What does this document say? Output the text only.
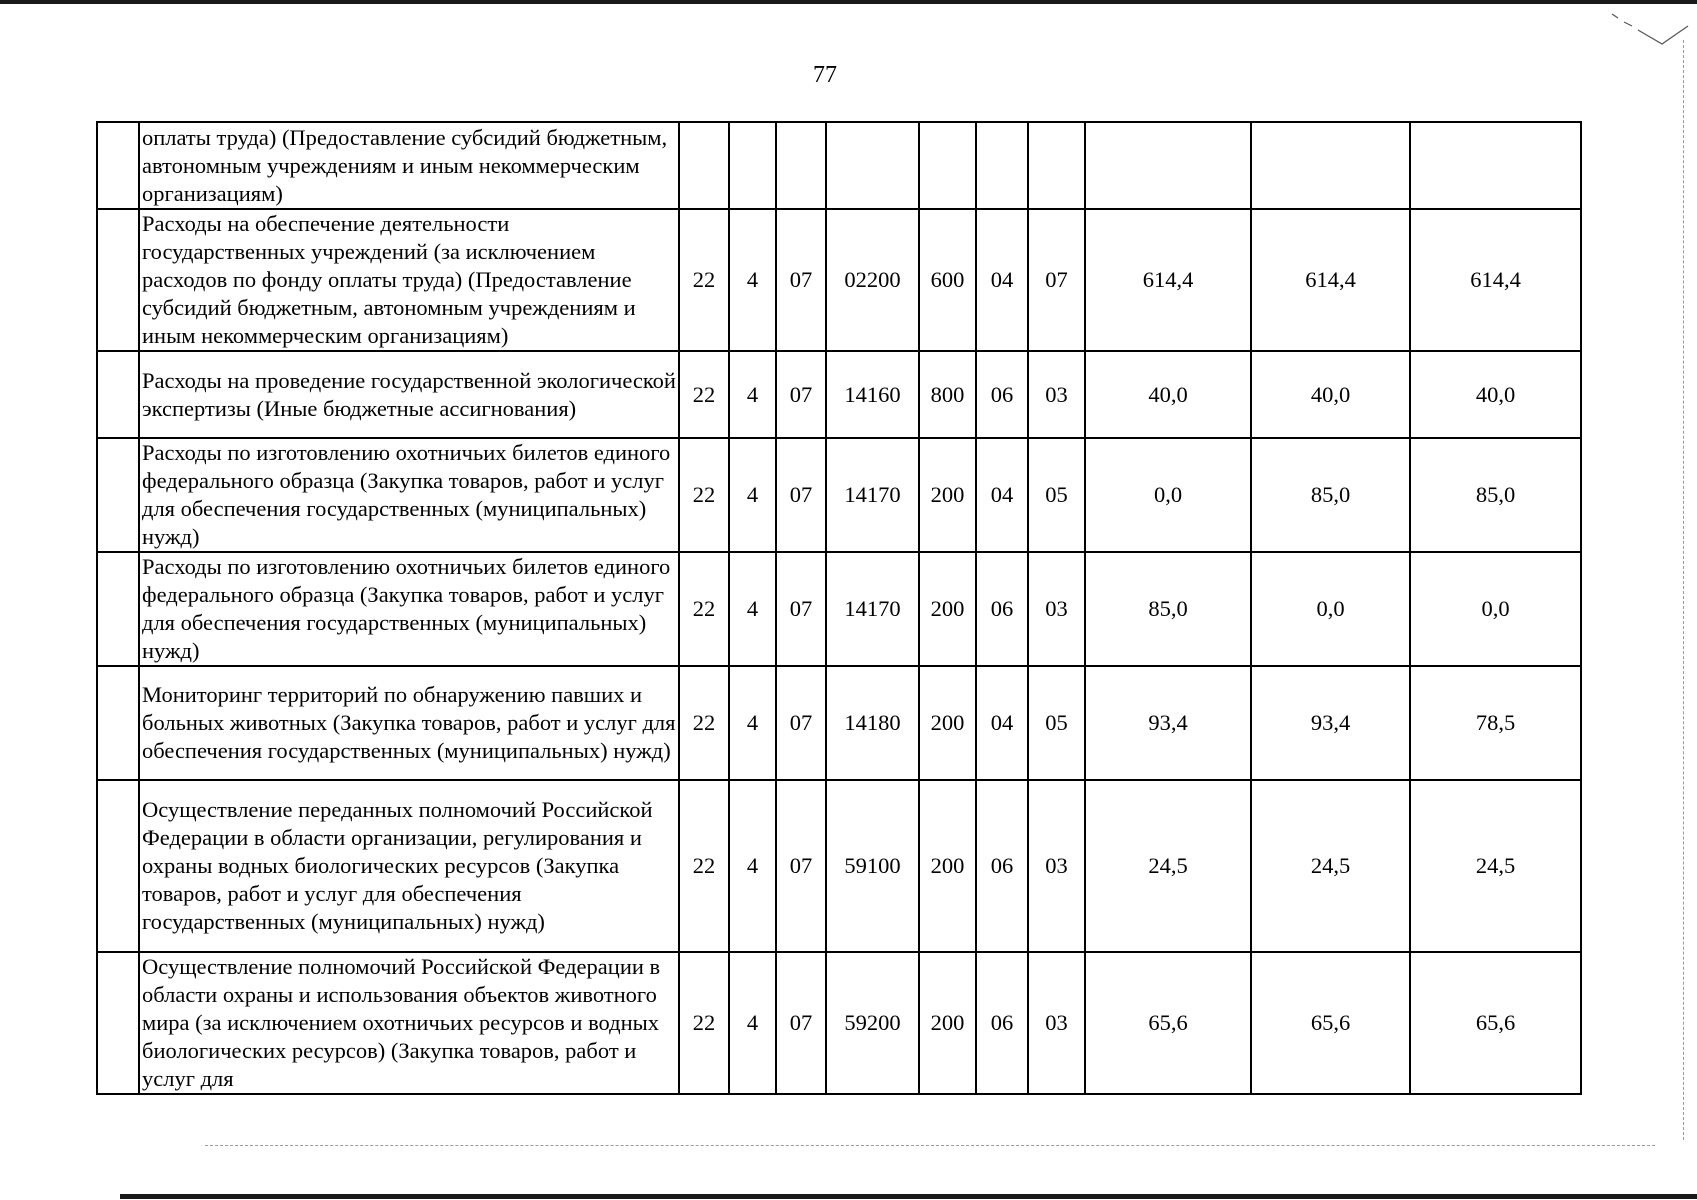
77
	оплаты труда) (Предоставление субсидий бюджетным, автономным учреждениям и иным некоммерческим организациям)										
	Расходы на обеспечение деятельности государственных учреждений (за исключением расходов по фонду оплаты труда) (Предоставление субсидий бюджетным, автономным учреждениям и иным некоммерческим организациям)	22	4	07	02200	600	04	07	614,4	614,4	614,4
	Расходы на проведение государственной экологической экспертизы (Иные бюджетные ассигнования)	22	4	07	14160	800	06	03	40,0	40,0	40,0
	Расходы по изготовлению охотничьих билетов единого федерального образца (Закупка товаров, работ и услуг для обеспечения государственных (муниципальных) нужд)	22	4	07	14170	200	04	05	0,0	85,0	85,0
	Расходы по изготовлению охотничьих билетов единого федерального образца (Закупка товаров, работ и услуг для обеспечения государственных (муниципальных) нужд)	22	4	07	14170	200	06	03	85,0	0,0	0,0
	Мониторинг территорий по обнаружению павших и больных животных (Закупка товаров, работ и услуг для обеспечения государственных (муниципальных) нужд)	22	4	07	14180	200	04	05	93,4	93,4	78,5
	Осуществление переданных полномочий Российской Федерации в области организации, регулирования и охраны водных биологических ресурсов (Закупка товаров, работ и услуг для обеспечения государственных (муниципальных) нужд)	22	4	07	59100	200	06	03	24,5	24,5	24,5
	Осуществление полномочий Российской Федерации в области охраны и использования объектов животного мира (за исключением охотничьих ресурсов и водных биологических ресурсов) (Закупка товаров, работ и услуг для	22	4	07	59200	200	06	03	65,6	65,6	65,6
